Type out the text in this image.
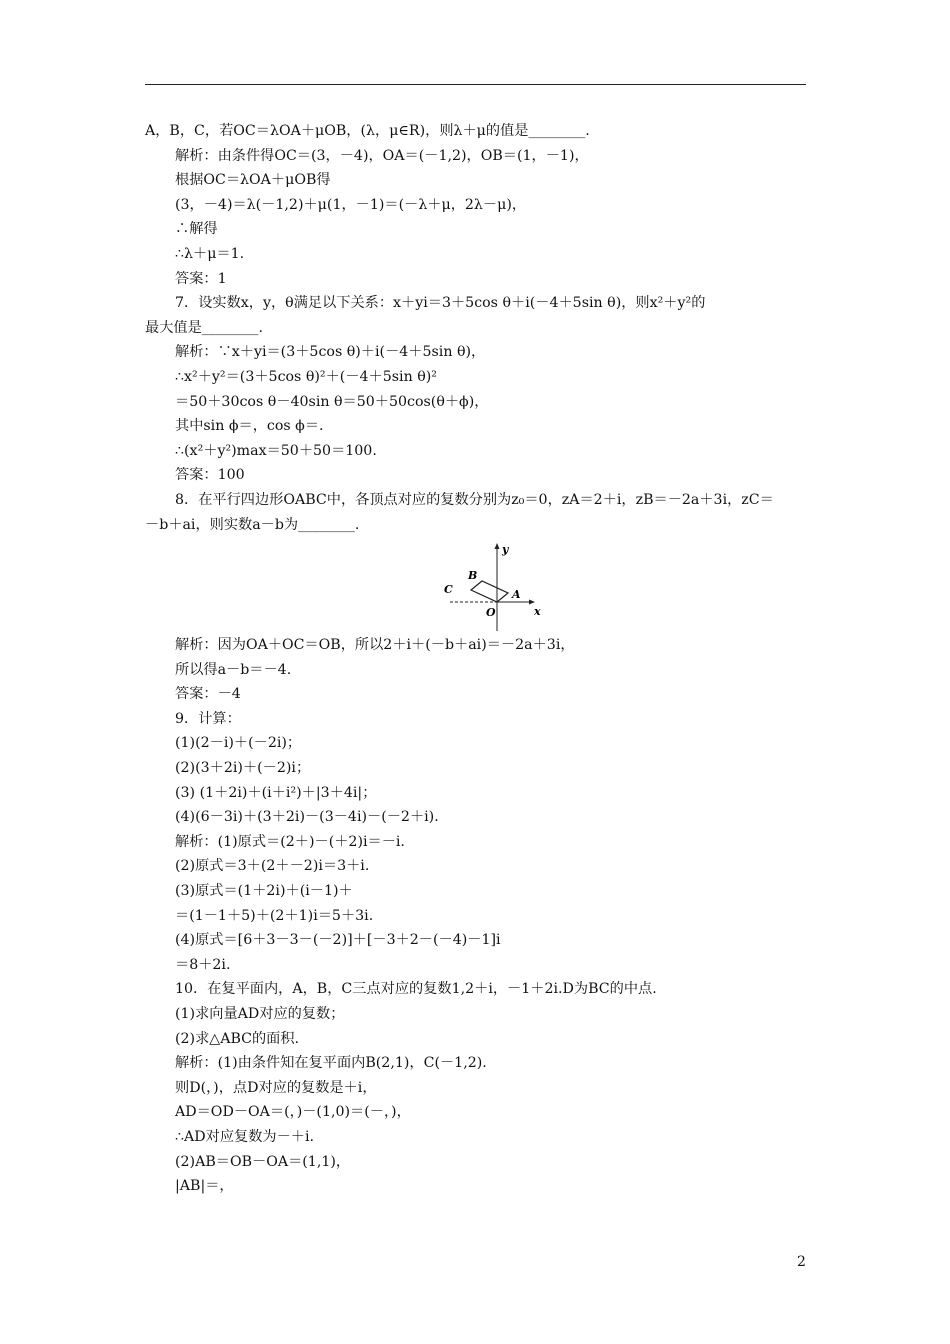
A，B，C，若OC＝λOA＋μOB，(λ，μ∈R)，则λ＋μ的值是________.
解析：由条件得OC＝(3，－4)，OA＝(－1,2)，OB＝(1，－1)，
根据OC＝λOA＋μOB得
(3，－4)＝λ(－1,2)＋μ(1，－1)＝(－λ＋μ，2λ－μ)，
∴解得
∴λ＋μ＝1.
答案：1
7．设实数x，y，θ满足以下关系：x＋yi＝3＋5cos θ＋i(－4＋5sin θ)，则x²＋y²的
最大值是________.
解析：∵x＋yi＝(3＋5cos θ)＋i(－4＋5sin θ)，
∴x²＋y²＝(3＋5cos θ)²＋(－4＋5sin θ)²
＝50＋30cos θ－40sin θ＝50＋50cos(θ＋ϕ)，
其中sin ϕ＝，cos ϕ＝.
∴(x²＋y²)max＝50＋50＝100.
答案：100
8．在平行四边形OABC中，各顶点对应的复数分别为z₀＝0，zA＝2＋i，zB＝－2a＋3i，zC＝
－b＋ai，则实数a－b为________.
y
x
B
C	A
O
解析：因为OA＋OC＝OB，所以2＋i＋(－b＋ai)＝－2a＋3i，
所以得a－b＝－4.
答案：－4
9．计算：
(1)(2－i)＋(－2i)；
(2)(3＋2i)＋(－2)i；
(3) (1＋2i)＋(i＋i²)＋|3＋4i|；
(4)(6－3i)＋(3＋2i)－(3－4i)－(－2＋i).
解析：(1)原式＝(2＋)－(＋2)i＝－i.
(2)原式＝3＋(2＋－2)i＝3＋i.
(3)原式＝(1＋2i)＋(i－1)＋
＝(1－1＋5)＋(2＋1)i＝5＋3i.
(4)原式＝[6＋3－3－(－2)]＋[－3＋2－(－4)－1]i
＝8＋2i.
10．在复平面内，A，B，C三点对应的复数1,2＋i，－1＋2i.D为BC的中点.
(1)求向量AD对应的复数；
(2)求△ABC的面积.
解析：(1)由条件知在复平面内B(2,1)，C(－1,2).
则D(，)，点D对应的复数是＋i，
AD＝OD－OA＝(，)－(1,0)＝(－，)，
∴AD对应复数为－＋i.
(2)AB＝OB－OA＝(1,1)，
|AB|＝，
2
